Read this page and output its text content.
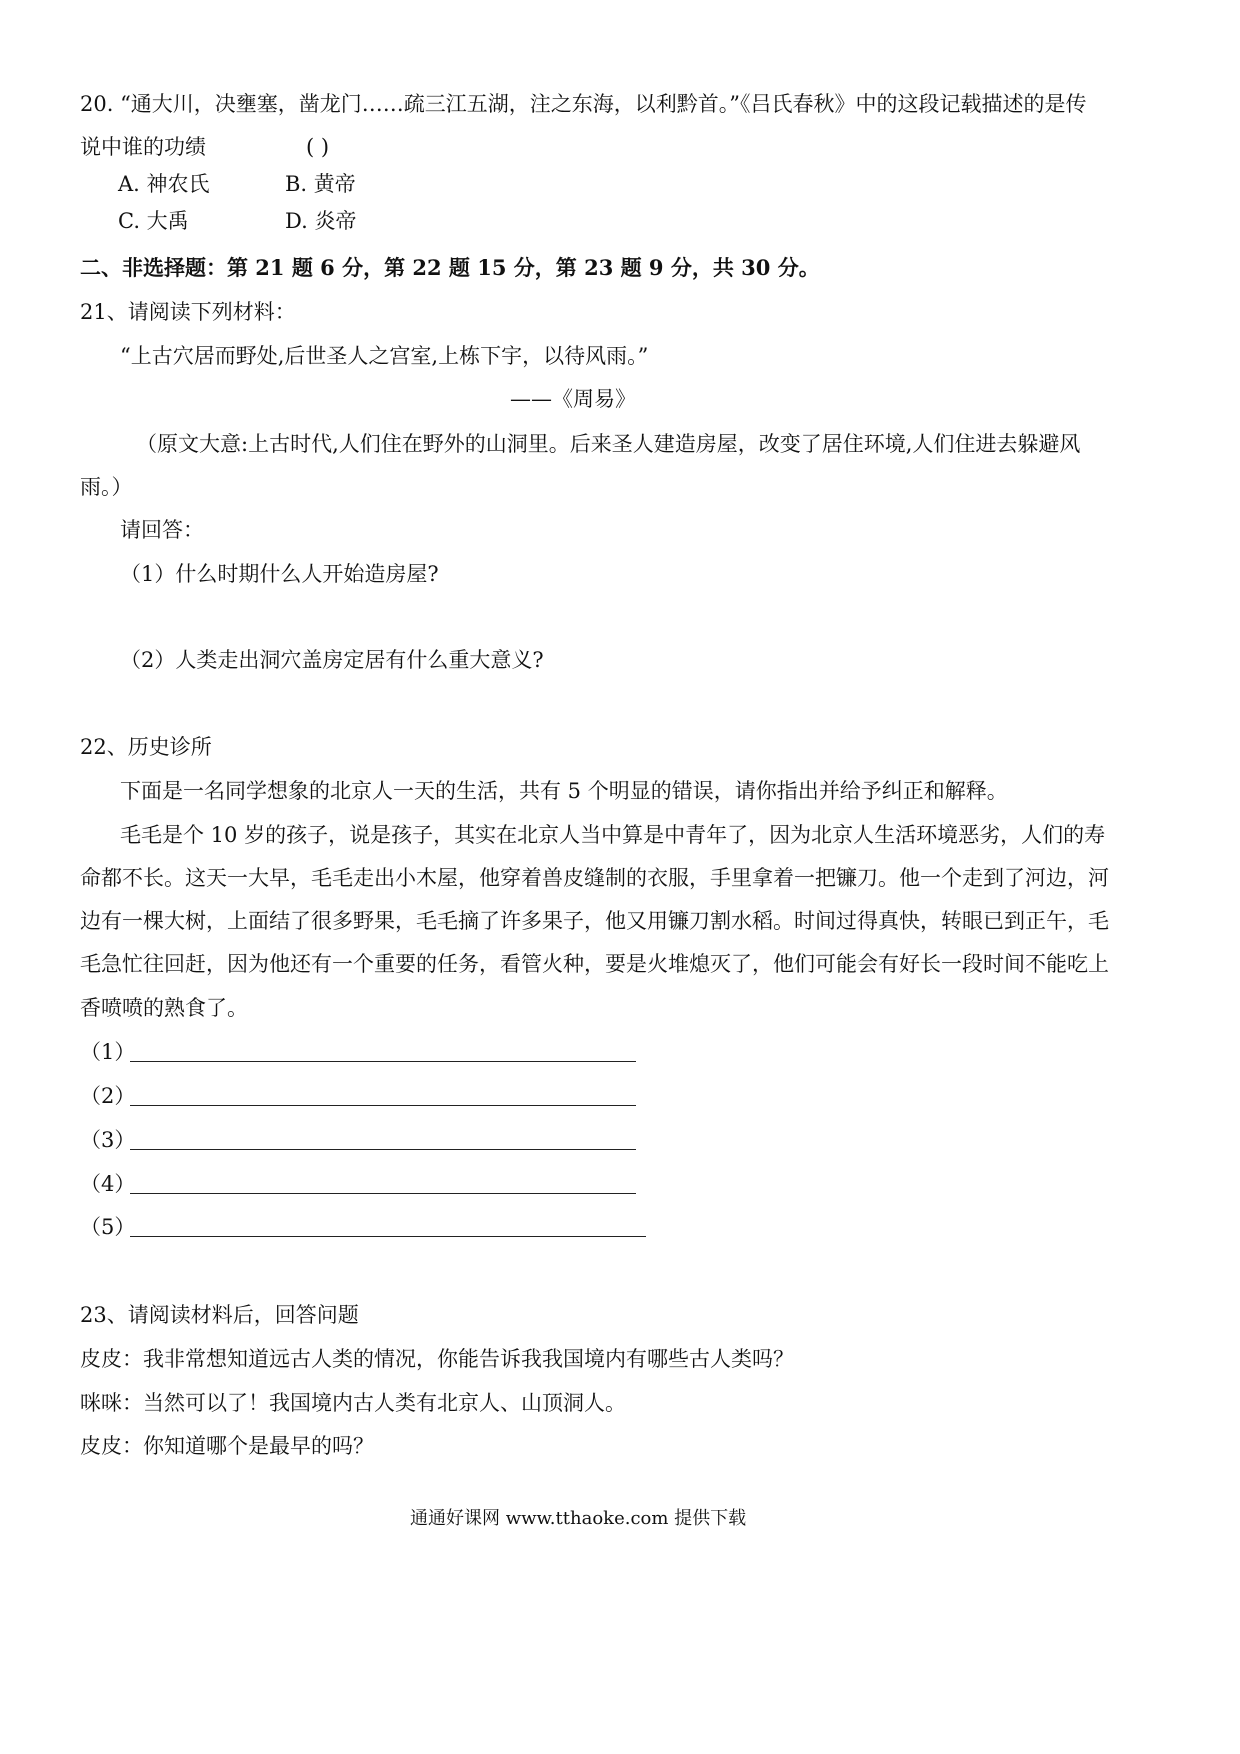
20. “通大川，决壅塞，凿龙门……疏三江五湖，注之东海，以利黔首。”《吕氏春秋》中的这段记载描述的是传
说中谁的功绩	( )
A. 神农氏	B. 黄帝
C. 大禹	D. 炎帝
二、非选择题：第 21 题 6 分，第 22 题 15 分，第 23 题 9 分，共 30 分。
21、请阅读下列材料：
“上古穴居而野处,后世圣人之宫室,上栋下宇，以待风雨。”
——《周易》
（原文大意:上古时代,人们住在野外的山洞里。后来圣人建造房屋，改变了居住环境,人们住进去躲避风
雨。）
请回答：
（1）什么时期什么人开始造房屋?
（2）人类走出洞穴盖房定居有什么重大意义?
22、历史诊所
下面是一名同学想象的北京人一天的生活，共有 5 个明显的错误，请你指出并给予纠正和解释。
毛毛是个 10 岁的孩子，说是孩子，其实在北京人当中算是中青年了，因为北京人生活环境恶劣，人们的寿
命都不长。这天一大早，毛毛走出小木屋，他穿着兽皮缝制的衣服，手里拿着一把镰刀。他一个走到了河边，河
边有一棵大树，上面结了很多野果，毛毛摘了许多果子，他又用镰刀割水稻。时间过得真快，转眼已到正午，毛
毛急忙往回赶，因为他还有一个重要的任务，看管火种，要是火堆熄灭了，他们可能会有好长一段时间不能吃上
香喷喷的熟食了。
（1）
（2）
（3）
（4）
（5）
23、请阅读材料后，回答问题
皮皮：我非常想知道远古人类的情况，你能告诉我我国境内有哪些古人类吗？
咪咪：当然可以了！我国境内古人类有北京人、山顶洞人。
皮皮：你知道哪个是最早的吗？
通通好课网 www.tthaoke.com 提供下载
